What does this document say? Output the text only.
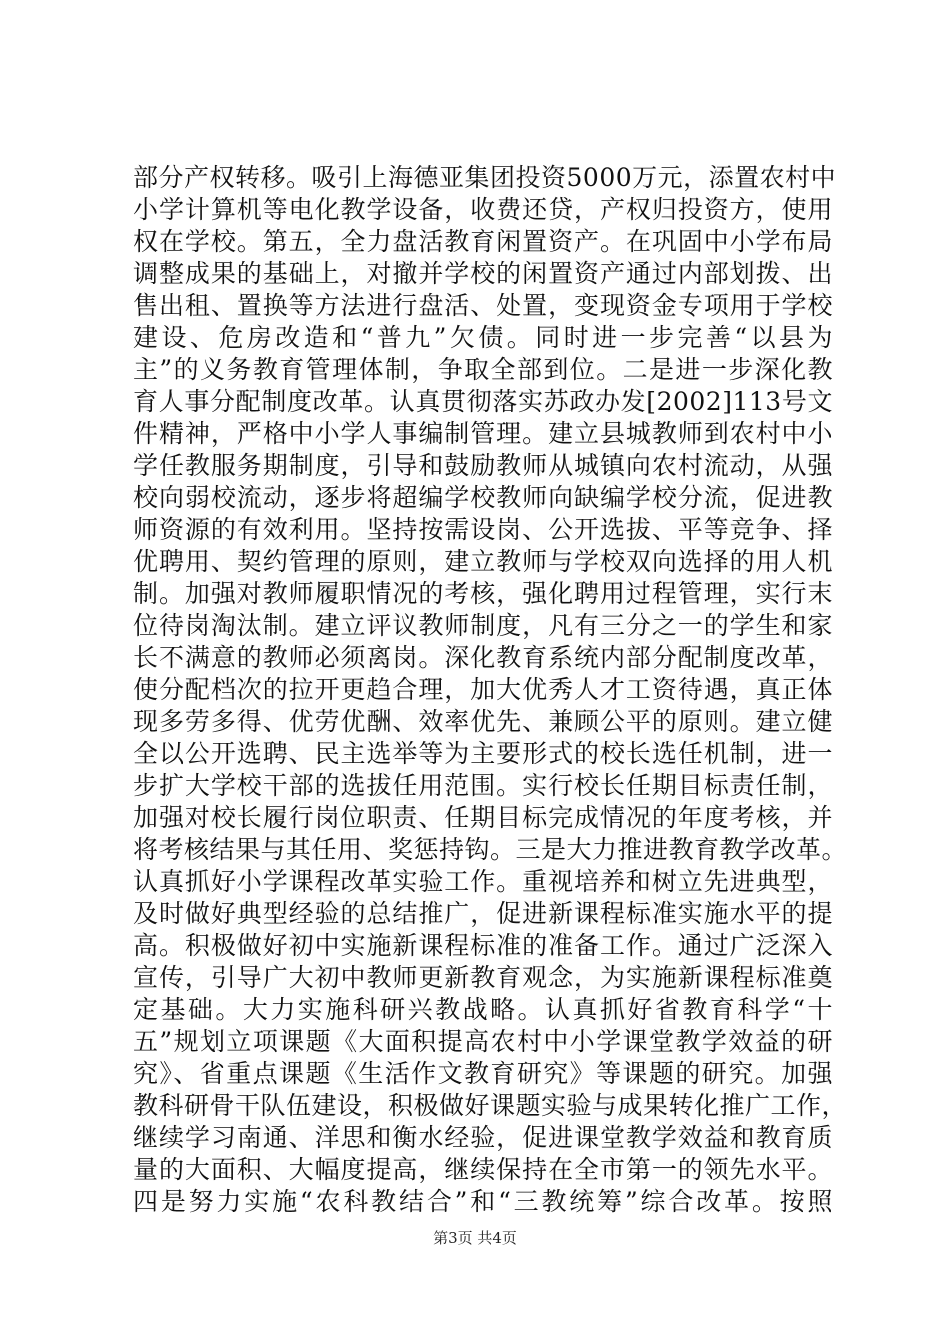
部分产权转移。吸引上海德亚集团投资5000万元，添置农村中
小学计算机等电化教学设备，收费还贷，产权归投资方，使用
权在学校。第五，全力盘活教育闲置资产。在巩固中小学布局
调整成果的基础上，对撤并学校的闲置资产通过内部划拨、出
售出租、置换等方法进行盘活、处置，变现资金专项用于学校
建设、危房改造和“普九”欠债。同时进一步完善“以县为
主”的义务教育管理体制，争取全部到位。二是进一步深化教
育人事分配制度改革。认真贯彻落实苏政办发[2002]113号文
件精神，严格中小学人事编制管理。建立县城教师到农村中小
学任教服务期制度，引导和鼓励教师从城镇向农村流动，从强
校向弱校流动，逐步将超编学校教师向缺编学校分流，促进教
师资源的有效利用。坚持按需设岗、公开选拔、平等竞争、择
优聘用、契约管理的原则，建立教师与学校双向选择的用人机
制。加强对教师履职情况的考核，强化聘用过程管理，实行末
位待岗淘汰制。建立评议教师制度，凡有三分之一的学生和家
长不满意的教师必须离岗。深化教育系统内部分配制度改革，
使分配档次的拉开更趋合理，加大优秀人才工资待遇，真正体
现多劳多得、优劳优酬、效率优先、兼顾公平的原则。建立健
全以公开选聘、民主选举等为主要形式的校长选任机制，进一
步扩大学校干部的选拔任用范围。实行校长任期目标责任制，
加强对校长履行岗位职责、任期目标完成情况的年度考核，并
将考核结果与其任用、奖惩持钩。三是大力推进教育教学改革。
认真抓好小学课程改革实验工作。重视培养和树立先进典型，
及时做好典型经验的总结推广，促进新课程标准实施水平的提
高。积极做好初中实施新课程标准的准备工作。通过广泛深入
宣传，引导广大初中教师更新教育观念，为实施新课程标准奠
定基础。大力实施科研兴教战略。认真抓好省教育科学“十
五”规划立项课题《大面积提高农村中小学课堂教学效益的研
究》、省重点课题《生活作文教育研究》等课题的研究。加强
教科研骨干队伍建设，积极做好课题实验与成果转化推广工作，
继续学习南通、洋思和衡水经验，促进课堂教学效益和教育质
量的大面积、大幅度提高，继续保持在全市第一的领先水平。
四是努力实施“农科教结合”和“三教统筹”综合改革。按照
第3页 共4页
